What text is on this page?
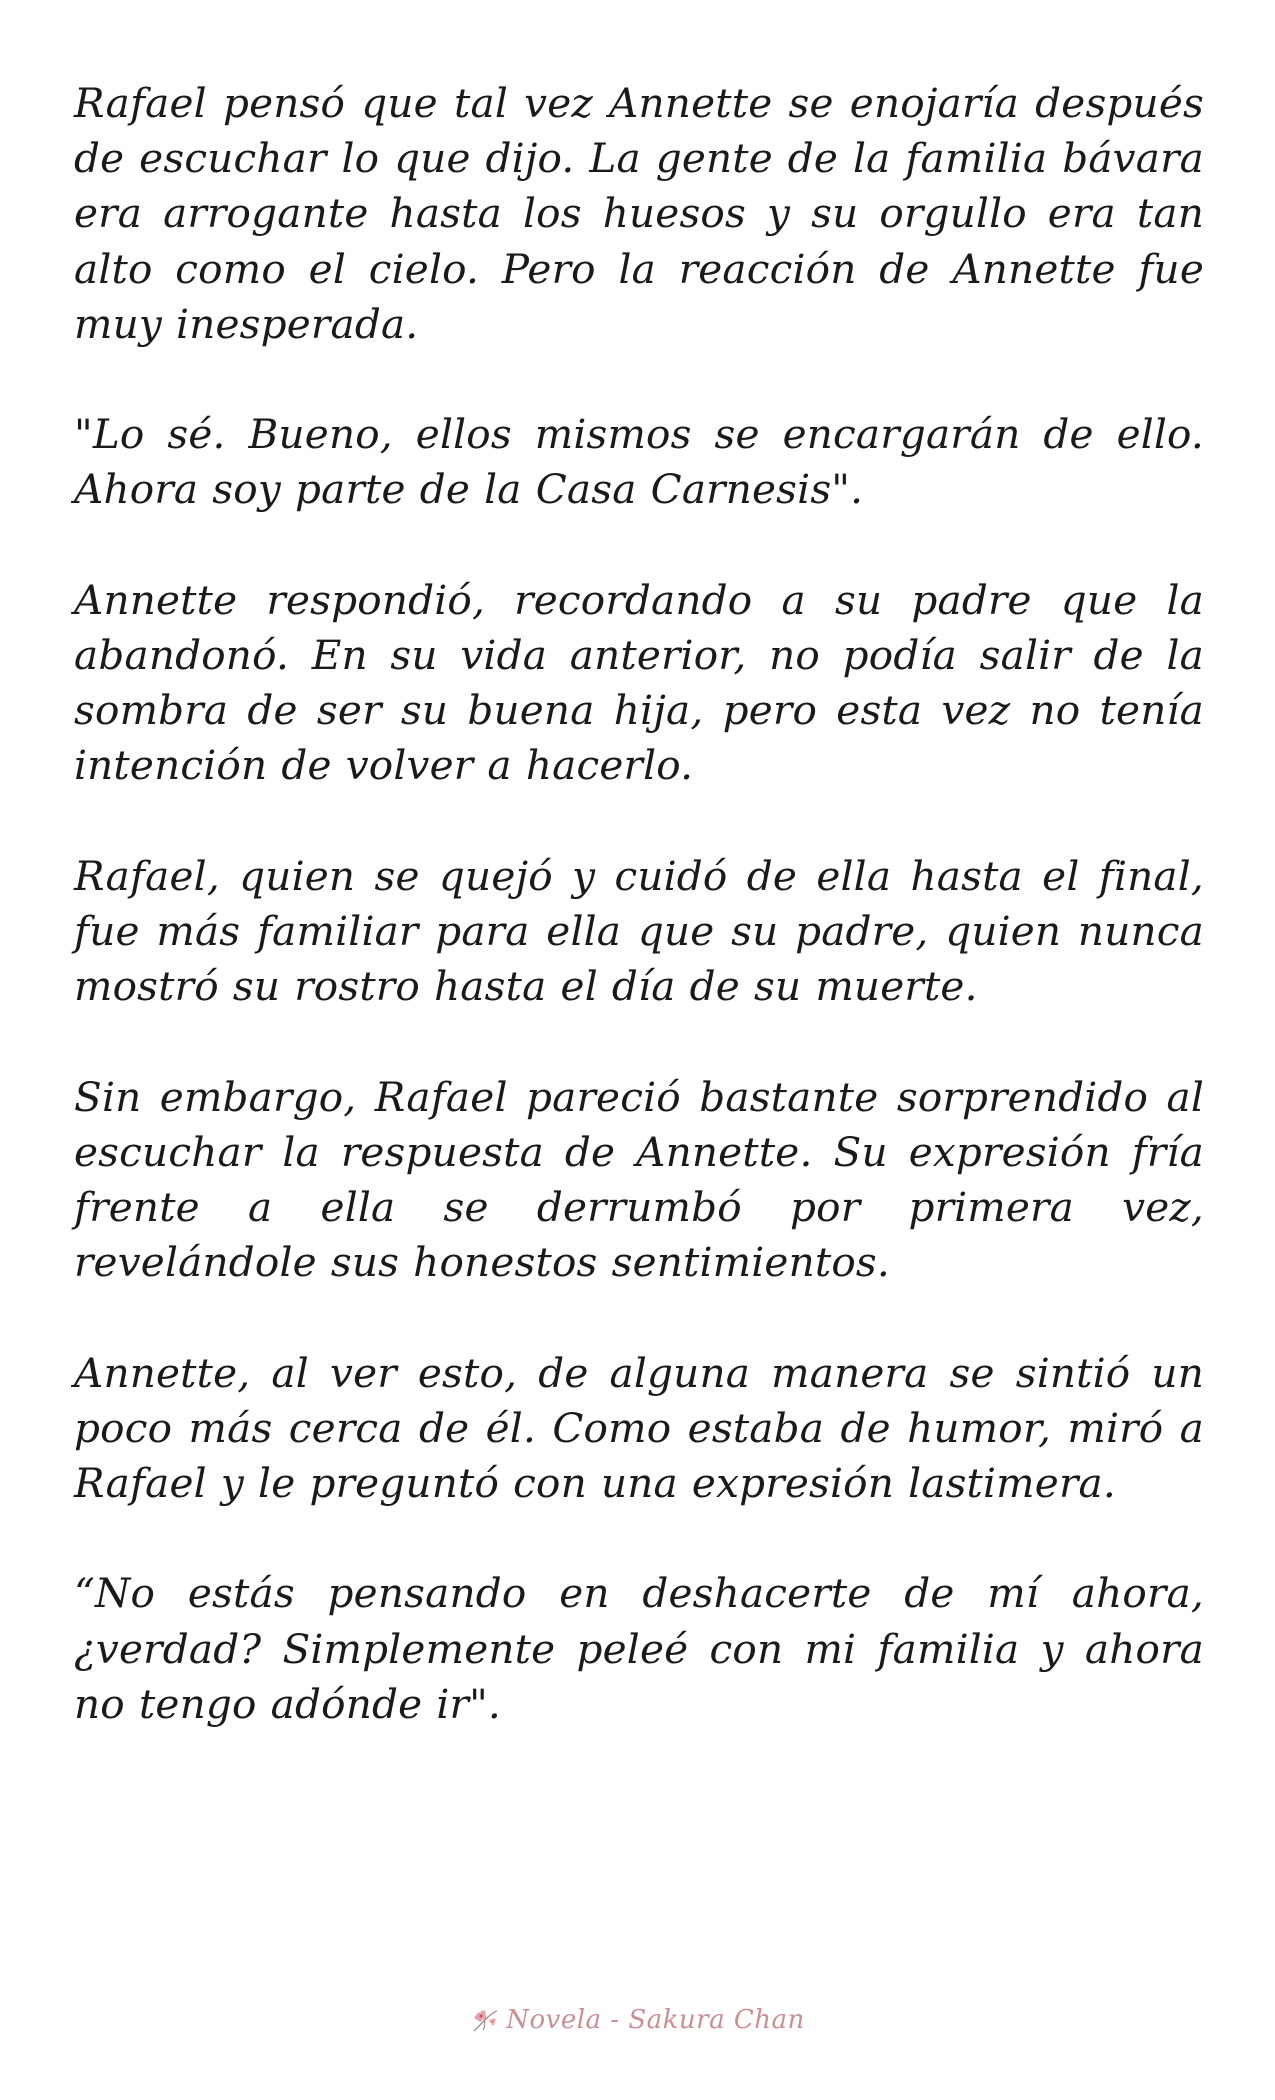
Rafael pensó que tal vez Annette se enojaría después de escuchar lo que dijo. La gente de la familia bávara era arrogante hasta los huesos y su orgullo era tan alto como el cielo. Pero la reacción de Annette fue muy inesperada.

"Lo sé. Bueno, ellos mismos se encargarán de ello. Ahora soy parte de la Casa Carnesis".

Annette respondió, recordando a su padre que la abandonó. En su vida anterior, no podía salir de la sombra de ser su buena hija, pero esta vez no tenía intención de volver a hacerlo.

Rafael, quien se quejó y cuidó de ella hasta el final, fue más familiar para ella que su padre, quien nunca mostró su rostro hasta el día de su muerte.

Sin embargo, Rafael pareció bastante sorprendido al escuchar la respuesta de Annette. Su expresión fría frente a ella se derrumbó por primera vez, revelándole sus honestos sentimientos.

Annette, al ver esto, de alguna manera se sintió un poco más cerca de él. Como estaba de humor, miró a Rafael y le preguntó con una expresión lastimera.

“No estás pensando en deshacerte de mí ahora, ¿verdad? Simplemente peleé con mi familia y ahora no tengo adónde ir".

Novela - Sakura Chan
